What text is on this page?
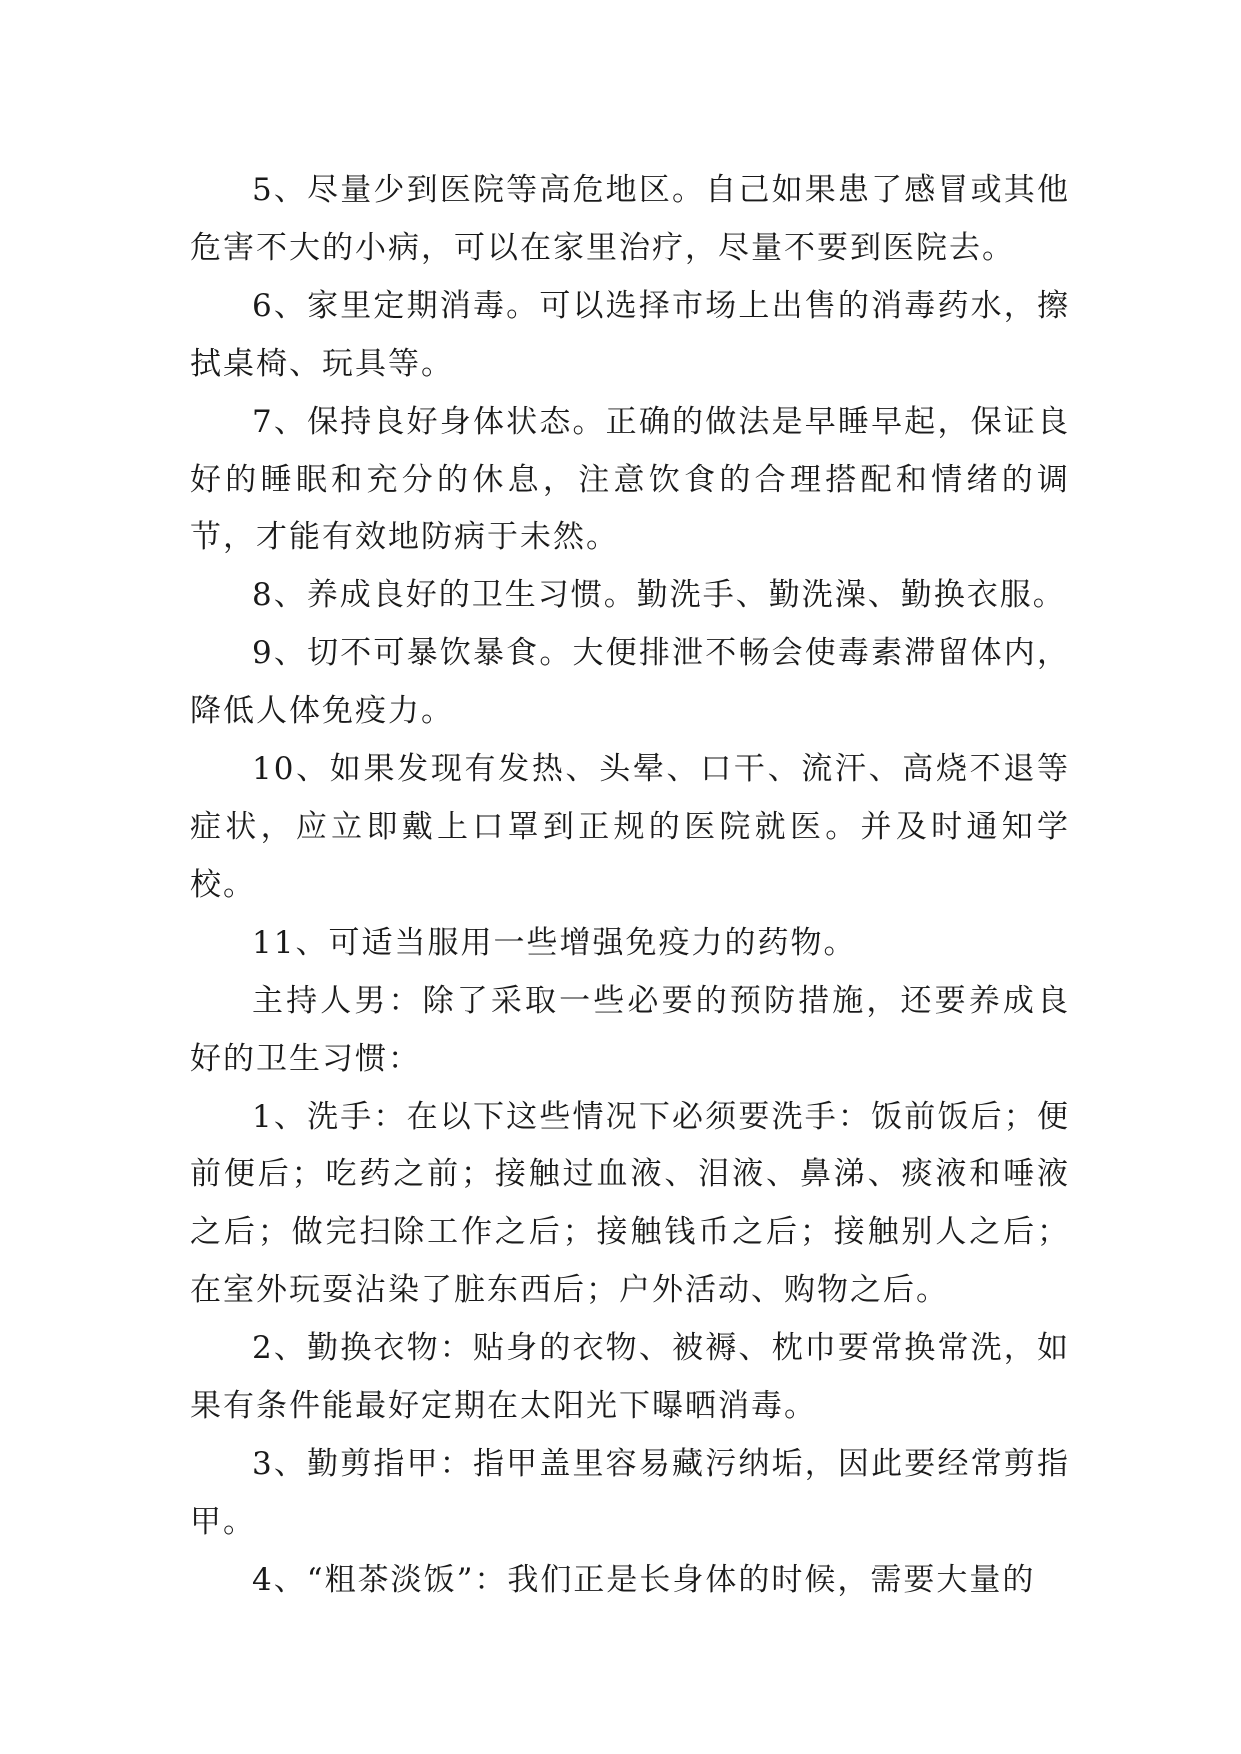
5、尽量少到医院等高危地区。自己如果患了感冒或其他危害不大的小病，可以在家里治疗，尽量不要到医院去。

6、家里定期消毒。可以选择市场上出售的消毒药水，擦拭桌椅、玩具等。

7、保持良好身体状态。正确的做法是早睡早起，保证良好的睡眠和充分的休息，注意饮食的合理搭配和情绪的调节，才能有效地防病于未然。

8、养成良好的卫生习惯。勤洗手、勤洗澡、勤换衣服。

9、切不可暴饮暴食。大便排泄不畅会使毒素滞留体内，降低人体免疫力。

10、如果发现有发热、头晕、口干、流汗、高烧不退等症状，应立即戴上口罩到正规的医院就医。并及时通知学校。

11、可适当服用一些增强免疫力的药物。

主持人男：除了采取一些必要的预防措施，还要养成良好的卫生习惯：

1、洗手：在以下这些情况下必须要洗手：饭前饭后；便前便后；吃药之前；接触过血液、泪液、鼻涕、痰液和唾液之后；做完扫除工作之后；接触钱币之后；接触别人之后；在室外玩耍沾染了脏东西后；户外活动、购物之后。

2、勤换衣物：贴身的衣物、被褥、枕巾要常换常洗，如果有条件能最好定期在太阳光下曝晒消毒。

3、勤剪指甲：指甲盖里容易藏污纳垢，因此要经常剪指甲。

4、“粗茶淡饭”：我们正是长身体的时候，需要大量的
